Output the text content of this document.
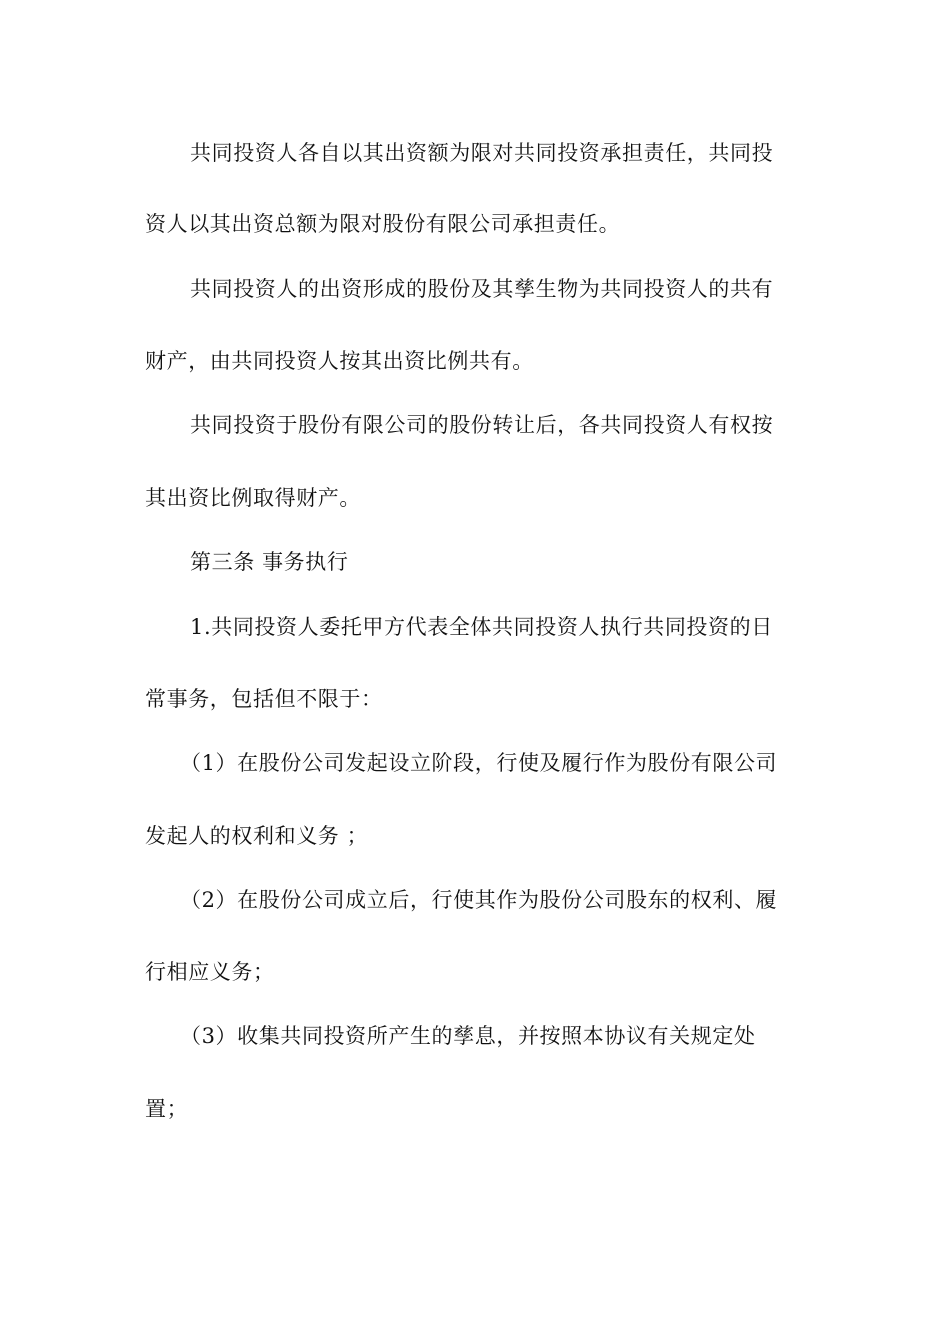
共同投资人各自以其出资额为限对共同投资承担责任，共同投
资人以其出资总额为限对股份有限公司承担责任。
共同投资人的出资形成的股份及其孳生物为共同投资人的共有
财产，由共同投资人按其出资比例共有。
共同投资于股份有限公司的股份转让后，各共同投资人有权按
其出资比例取得财产。
第三条 事务执行
1.共同投资人委托甲方代表全体共同投资人执行共同投资的日
常事务，包括但不限于：
（1）在股份公司发起设立阶段，行使及履行作为股份有限公司
发起人的权利和义务 ；
（2）在股份公司成立后，行使其作为股份公司股东的权利、履
行相应义务；
（3）收集共同投资所产生的孳息，并按照本协议有关规定处
置；
